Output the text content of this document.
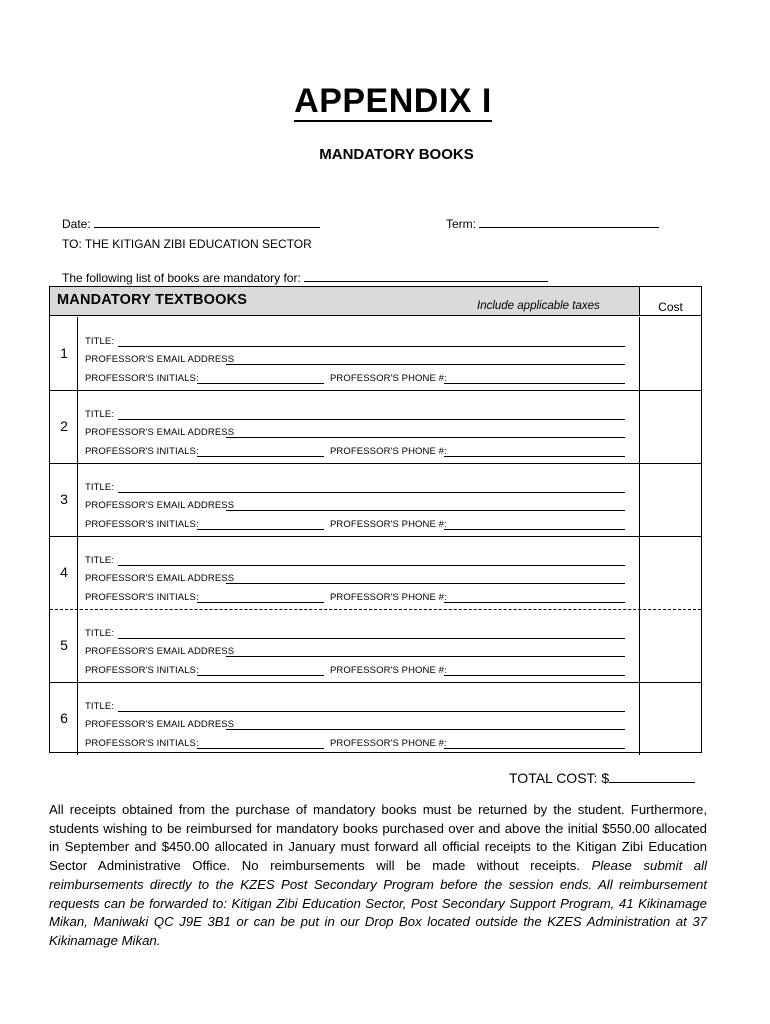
APPENDIX I
MANDATORY BOOKS
Date:	Term:
TO: THE KITIGAN ZIBI EDUCATION SECTOR
The following list of books are mandatory for:
MANDATORY TEXTBOOKS	Include applicable taxes	Cost
1
TITLE:
PROFESSOR'S EMAIL ADDRESS
PROFESSOR'S INITIALS:	PROFESSOR'S PHONE #:
2
TITLE:
PROFESSOR'S EMAIL ADDRESS
PROFESSOR'S INITIALS:	PROFESSOR'S PHONE #:
3
TITLE:
PROFESSOR'S EMAIL ADDRESS
PROFESSOR'S INITIALS:	PROFESSOR'S PHONE #:
4
TITLE:
PROFESSOR'S EMAIL ADDRESS
PROFESSOR'S INITIALS:	PROFESSOR'S PHONE #:
5
TITLE:
PROFESSOR'S EMAIL ADDRESS
PROFESSOR'S INITIALS:	PROFESSOR'S PHONE #:
6
TITLE:
PROFESSOR'S EMAIL ADDRESS
PROFESSOR'S INITIALS:	PROFESSOR'S PHONE #:
TOTAL COST: $
All receipts obtained from the purchase of mandatory books must be returned by the student. Furthermore, students wishing to be reimbursed for mandatory books purchased over and above the initial $550.00 allocated in September and $450.00 allocated in January must forward all official receipts to the Kitigan Zibi Education Sector Administrative Office. No reimbursements will be made without receipts. Please submit all reimbursements directly to the KZES Post Secondary Program before the session ends. All reimbursement requests can be forwarded to: Kitigan Zibi Education Sector, Post Secondary Support Program, 41 Kikinamage Mikan, Maniwaki QC J9E 3B1 or can be put in our Drop Box located outside the KZES Administration at 37 Kikinamage Mikan.
